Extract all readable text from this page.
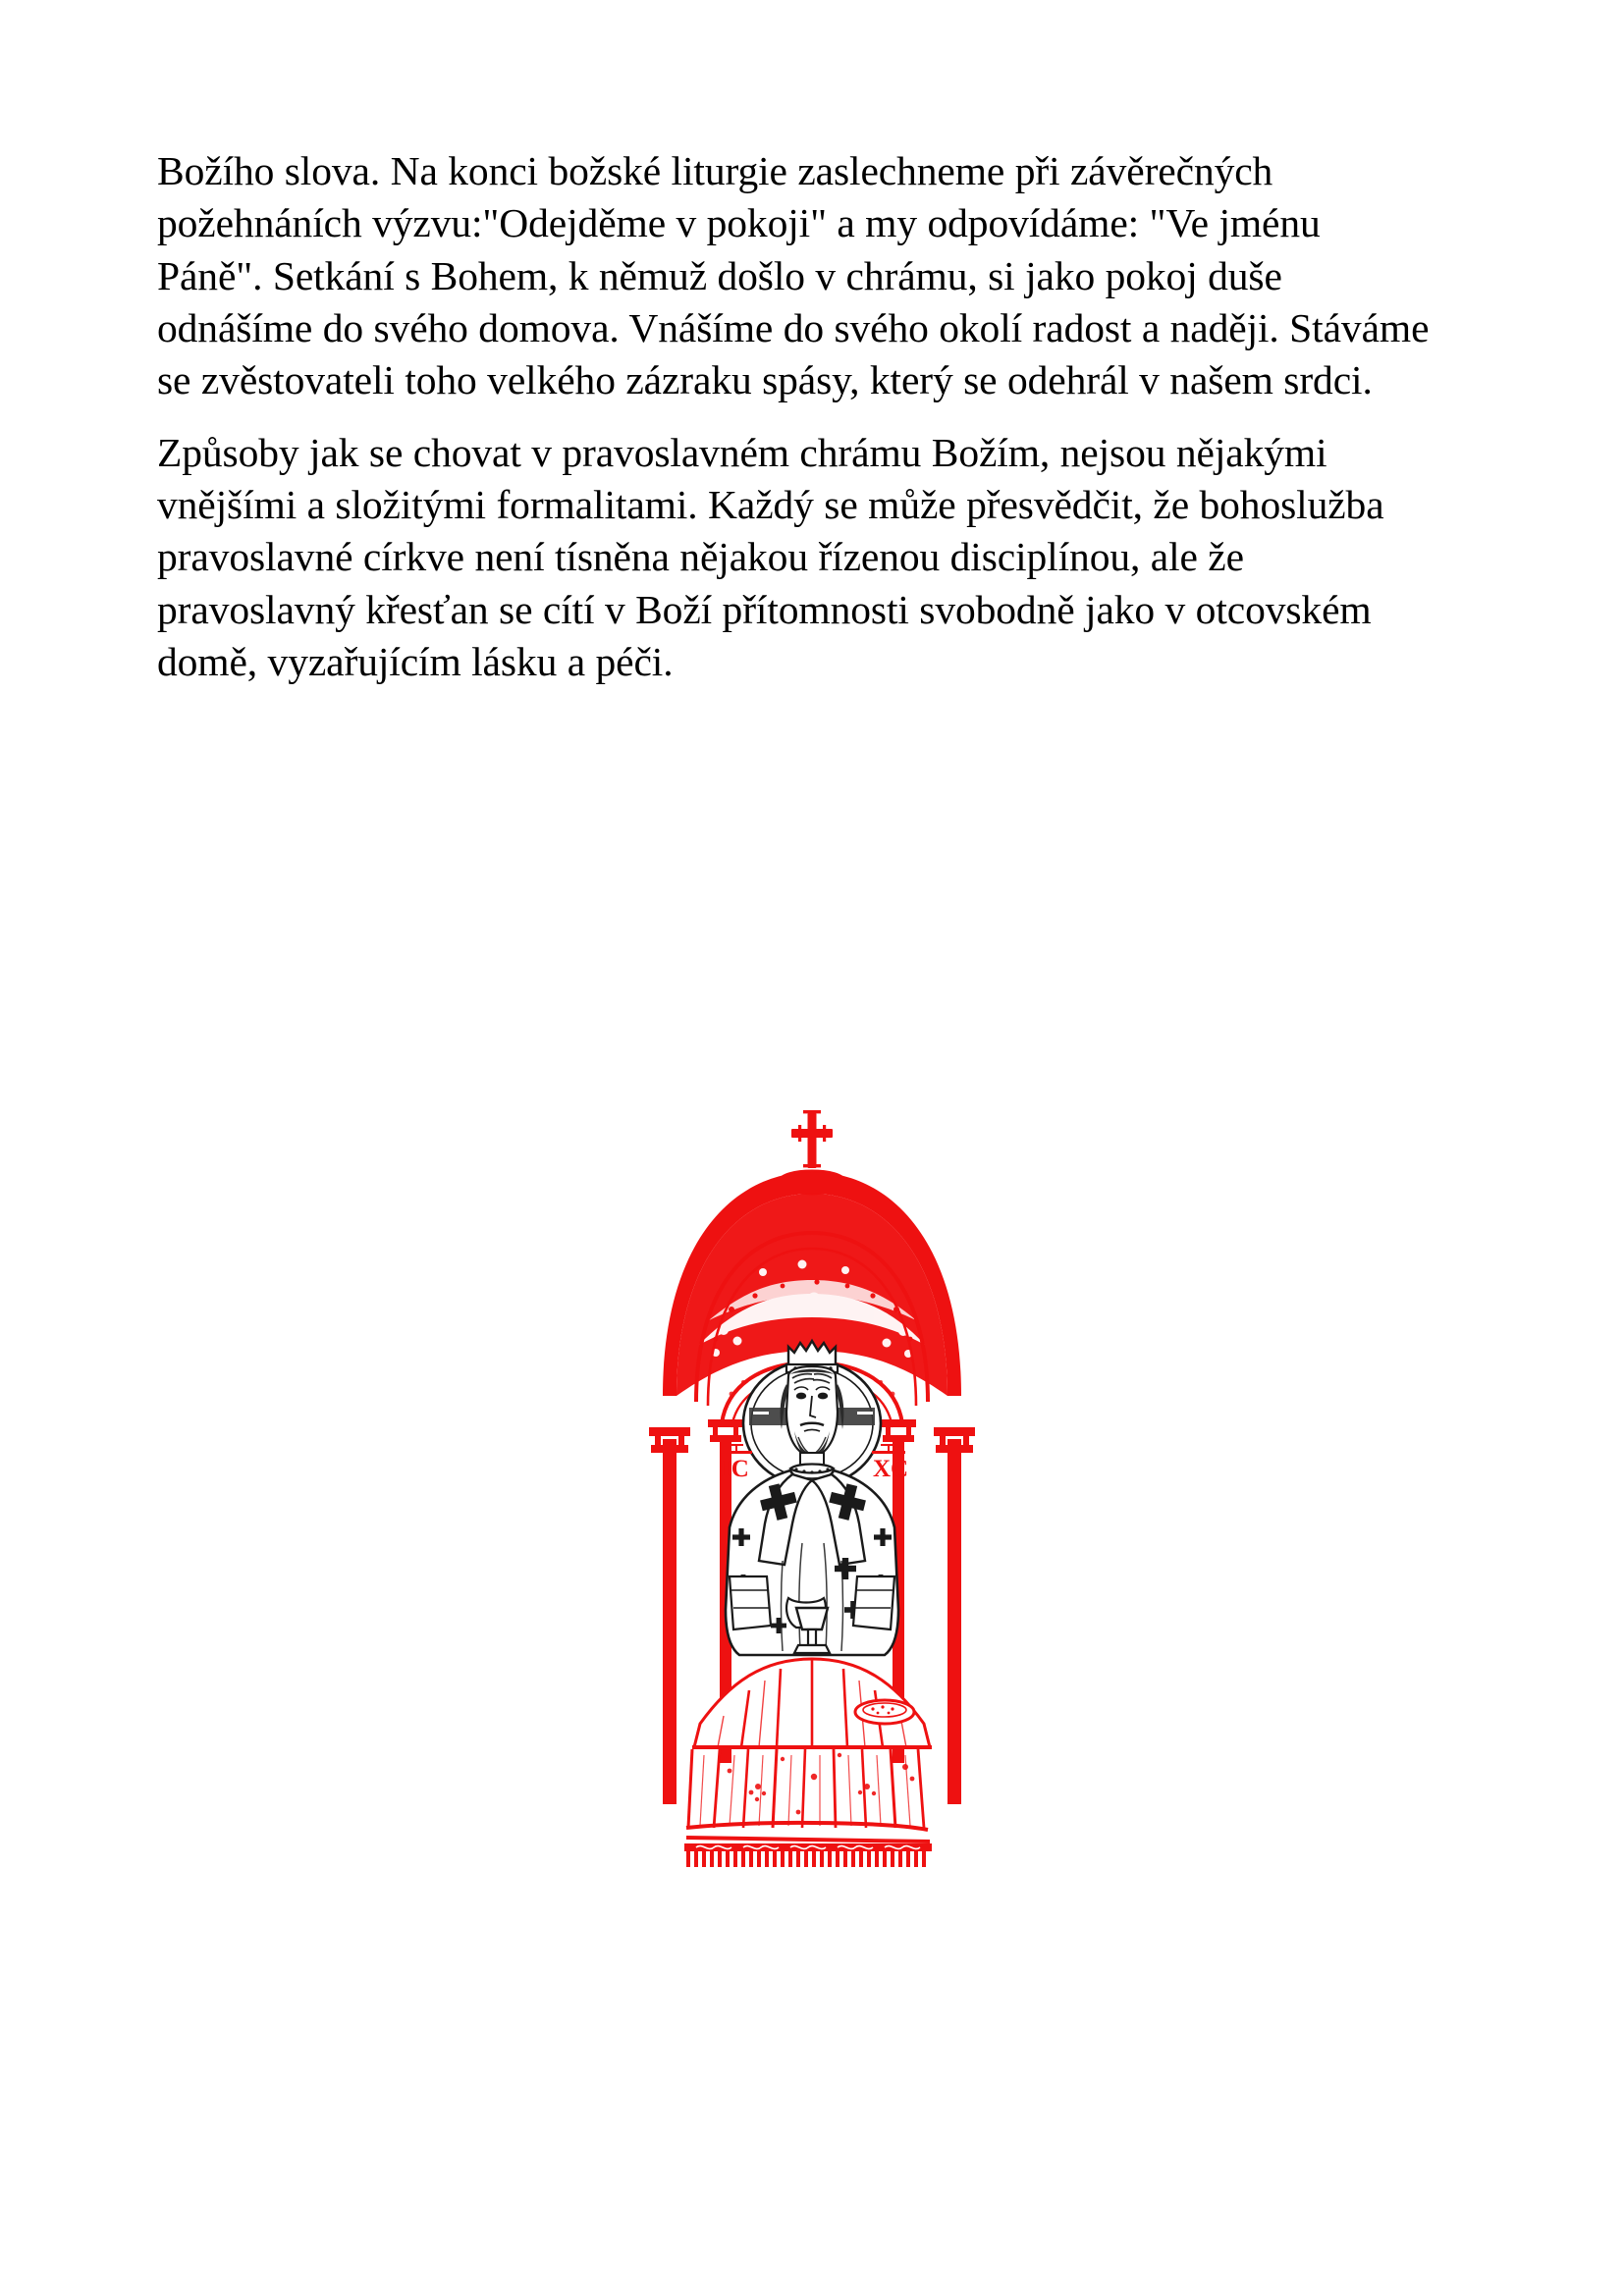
Božího slova. Na konci božské liturgie zaslechneme při závěrečných požehnáních výzvu:"Odejděme v pokoji" a my odpovídáme: "Ve jménu Páně". Setkání s Bohem, k němuž došlo v chrámu, si jako pokoj duše odnášíme do svého domova. Vnášíme do svého okolí radost a naději. Stáváme se zvěstovateli toho velkého zázraku spásy, který se odehrál v našem srdci.

Způsoby jak se chovat v pravoslavném chrámu Božím, nejsou nějakými vnějšími a složitými formalitami. Každý se může přesvědčit, že bohoslužba pravoslavné církve není tísněna nějakou řízenou disciplínou, ale že pravoslavný křesťan se cítí v Boží přítomnosti svobodně jako v otcovském domě, vyzařujícím lásku a péči.

IC	XC
